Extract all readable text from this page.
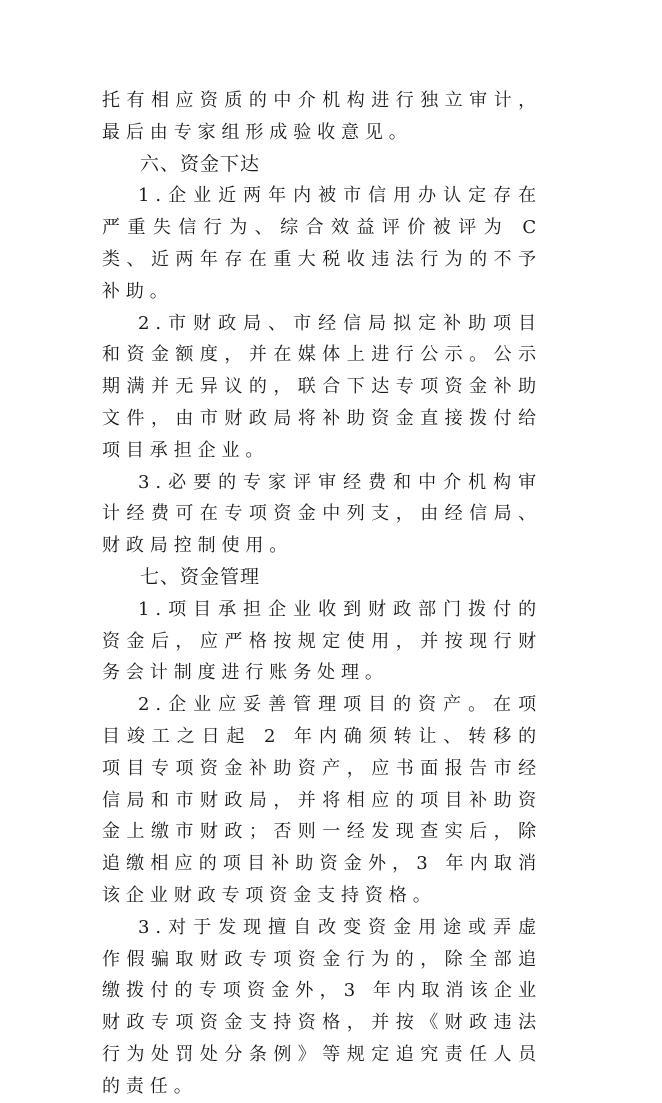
托有相应资质的中介机构进行独立审计，最后由专家组形成验收意见。

六、资金下达

1.企业近两年内被市信用办认定存在严重失信行为、综合效益评价被评为 C 类、近两年存在重大税收违法行为的不予补助。

2.市财政局、市经信局拟定补助项目和资金额度，并在媒体上进行公示。公示期满并无异议的，联合下达专项资金补助文件，由市财政局将补助资金直接拨付给项目承担企业。

3.必要的专家评审经费和中介机构审计经费可在专项资金中列支，由经信局、财政局控制使用。

七、资金管理

1.项目承担企业收到财政部门拨付的资金后，应严格按规定使用，并按现行财务会计制度进行账务处理。

2.企业应妥善管理项目的资产。在项目竣工之日起 2 年内确须转让、转移的项目专项资金补助资产，应书面报告市经信局和市财政局，并将相应的项目补助资金上缴市财政；否则一经发现查实后，除追缴相应的项目补助资金外，3 年内取消该企业财政专项资金支持资格。

3.对于发现擅自改变资金用途或弄虚作假骗取财政专项资金行为的，除全部追缴拨付的专项资金外，3 年内取消该企业财政专项资金支持资格，并按《财政违法行为处罚处分条例》等规定追究责任人员的责任。
